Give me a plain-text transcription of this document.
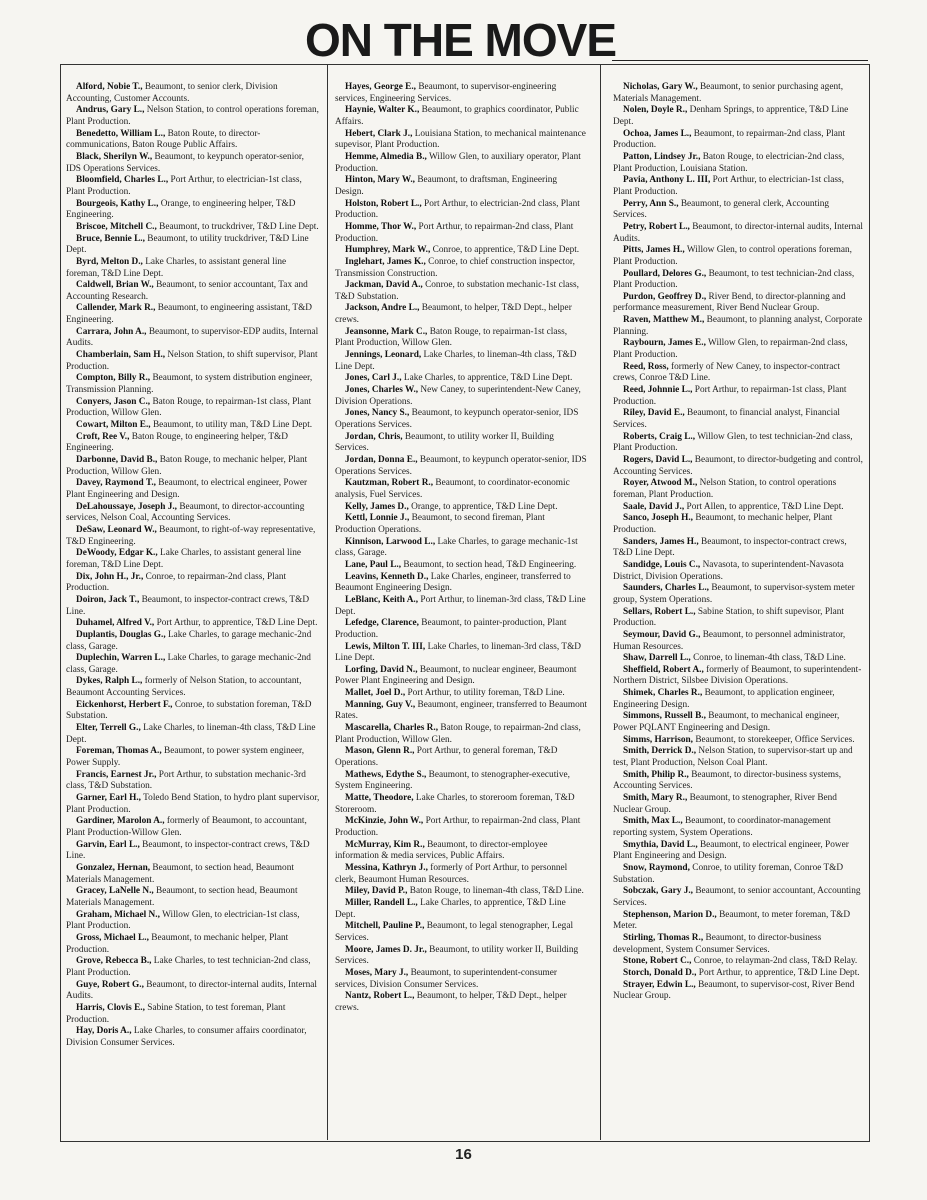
ON THE MOVE

Alford, Nobie T., Beaumont, to senior clerk, Division Accounting, Customer Accounts.

Andrus, Gary L., Nelson Station, to control operations foreman, Plant Production.

Benedetto, William L., Baton Route, to director-communications, Baton Rouge Public Affairs.

Black, Sherilyn W., Beaumont, to keypunch operator-senior, IDS Operations Services.

Bloomfield, Charles L., Port Arthur, to electrician-1st class, Plant Production.

Bourgeois, Kathy L., Orange, to engineering helper, T&D Engineering.

Briscoe, Mitchell C., Beaumont, to truckdriver, T&D Line Dept.

Bruce, Bennie L., Beaumont, to utility truckdriver, T&D Line Dept.

Byrd, Melton D., Lake Charles, to assistant general line foreman, T&D Line Dept.

Caldwell, Brian W., Beaumont, to senior accountant, Tax and Accounting Research.

Callender, Mark R., Beaumont, to engineering assistant, T&D Engineering.

Carrara, John A., Beaumont, to supervisor-EDP audits, Internal Audits.

Chamberlain, Sam H., Nelson Station, to shift supervisor, Plant Production.

Compton, Billy R., Beaumont, to system distribution engineer, Transmission Planning.

Conyers, Jason C., Baton Rouge, to repairman-1st class, Plant Production, Willow Glen.

Cowart, Milton E., Beaumont, to utility man, T&D Line Dept.

Croft, Ree V., Baton Rouge, to engineering helper, T&D Engineering.

Darbonne, David B., Baton Rouge, to mechanic helper, Plant Production, Willow Glen.

Davey, Raymond T., Beaumont, to electrical engineer, Power Plant Engineering and Design.

DeLahoussaye, Joseph J., Beaumont, to director-accounting services, Nelson Coal, Accounting Services.

DeSaw, Leonard W., Beaumont, to right-of-way representative, T&D Engineering.

DeWoody, Edgar K., Lake Charles, to assistant general line foreman, T&D Line Dept.

Dix, John H., Jr., Conroe, to repairman-2nd class, Plant Production.

Doiron, Jack T., Beaumont, to inspector-contract crews, T&D Line.

Duhamel, Alfred V., Port Arthur, to apprentice, T&D Line Dept.

Duplantis, Douglas G., Lake Charles, to garage mechanic-2nd class, Garage.

Duplechin, Warren L., Lake Charles, to garage mechanic-2nd class, Garage.

Dykes, Ralph L., formerly of Nelson Station, to accountant, Beaumont Accounting Services.

Eickenhorst, Herbert F., Conroe, to substation foreman, T&D Substation.

Elter, Terrell G., Lake Charles, to lineman-4th class, T&D Line Dept.

Foreman, Thomas A., Beaumont, to power system engineer, Power Supply.

Francis, Earnest Jr., Port Arthur, to substation mechanic-3rd class, T&D Substation.

Garner, Earl H., Toledo Bend Station, to hydro plant supervisor, Plant Production.

Gardiner, Marolon A., formerly of Beaumont, to accountant, Plant Production-Willow Glen.

Garvin, Earl L., Beaumont, to inspector-contract crews, T&D Line.

Gonzalez, Hernan, Beaumont, to section head, Beaumont Materials Management.

Gracey, LaNelle N., Beaumont, to section head, Beaumont Materials Management.

Graham, Michael N., Willow Glen, to electrician-1st class, Plant Production.

Gross, Michael L., Beaumont, to mechanic helper, Plant Production.

Grove, Rebecca B., Lake Charles, to test technician-2nd class, Plant Production.

Guye, Robert G., Beaumont, to director-internal audits, Internal Audits.

Harris, Clovis E., Sabine Station, to test foreman, Plant Production.

Hay, Doris A., Lake Charles, to consumer affairs coordinator, Division Consumer Services.

Hayes, George E., Beaumont, to supervisor-engineering services, Engineering Services.

Haynie, Walter K., Beaumont, to graphics coordinator, Public Affairs.

Hebert, Clark J., Louisiana Station, to mechanical maintenance supevisor, Plant Production.

Hemme, Almedia B., Willow Glen, to auxiliary operator, Plant Production.

Hinton, Mary W., Beaumont, to draftsman, Engineering Design.

Holston, Robert L., Port Arthur, to electrician-2nd class, Plant Production.

Homme, Thor W., Port Arthur, to repairman-2nd class, Plant Production.

Humphrey, Mark W., Conroe, to apprentice, T&D Line Dept.

Inglehart, James K., Conroe, to chief construction inspector, Transmission Construction.

Jackman, David A., Conroe, to substation mechanic-1st class, T&D Substation.

Jackson, Andre L., Beaumont, to helper, T&D Dept., helper crews.

Jeansonne, Mark C., Baton Rouge, to repairman-1st class, Plant Production, Willow Glen.

Jennings, Leonard, Lake Charles, to lineman-4th class, T&D Line Dept.

Jones, Carl J., Lake Charles, to apprentice, T&D Line Dept.

Jones, Charles W., New Caney, to superintendent-New Caney, Division Operations.

Jones, Nancy S., Beaumont, to keypunch operator-senior, IDS Operations Services.

Jordan, Chris, Beaumont, to utility worker II, Building Services.

Jordan, Donna E., Beaumont, to keypunch operator-senior, IDS Operations Services.

Kautzman, Robert R., Beaumont, to coordinator-economic analysis, Fuel Services.

Kelly, James D., Orange, to apprentice, T&D Line Dept.

Kettl, Lonnie J., Beaumont, to second fireman, Plant Production Operations.

Kinnison, Larwood L., Lake Charles, to garage mechanic-1st class, Garage.

Lane, Paul L., Beaumont, to section head, T&D Engineering.

Leavins, Kenneth D., Lake Charles, engineer, transferred to Beaumont Engineering Design.

LeBlanc, Keith A., Port Arthur, to lineman-3rd class, T&D Line Dept.

Lefedge, Clarence, Beaumont, to painter-production, Plant Production.

Lewis, Milton T. III, Lake Charles, to lineman-3rd class, T&D Line Dept.

Lorfing, David N., Beaumont, to nuclear engineer, Beaumont Power Plant Engineering and Design.

Mallet, Joel D., Port Arthur, to utility foreman, T&D Line.

Manning, Guy V., Beaumont, engineer, transferred to Beaumont Rates.

Mascarella, Charles R., Baton Rouge, to repairman-2nd class, Plant Production, Willow Glen.

Mason, Glenn R., Port Arthur, to general foreman, T&D Operations.

Mathews, Edythe S., Beaumont, to stenographer-executive, System Engineering.

Matte, Theodore, Lake Charles, to storeroom foreman, T&D Storeroom.

McKinzie, John W., Port Arthur, to repairman-2nd class, Plant Production.

McMurray, Kim R., Beaumont, to director-employee information & media services, Public Affairs.

Messina, Kathryn J., formerly of Port Arthur, to personnel clerk, Beaumont Human Resources.

Miley, David P., Baton Rouge, to lineman-4th class, T&D Line.

Miller, Randell L., Lake Charles, to apprentice, T&D Line Dept.

Mitchell, Pauline P., Beaumont, to legal stenographer, Legal Services.

Moore, James D. Jr., Beaumont, to utility worker II, Building Services.

Moses, Mary J., Beaumont, to superintendent-consumer services, Division Consumer Services.

Nantz, Robert L., Beaumont, to helper, T&D Dept., helper crews.

Nicholas, Gary W., Beaumont, to senior purchasing agent, Materials Management.

Nolen, Doyle R., Denham Springs, to apprentice, T&D Line Dept.

Ochoa, James L., Beaumont, to repairman-2nd class, Plant Production.

Patton, Lindsey Jr., Baton Rouge, to electrician-2nd class, Plant Production, Louisiana Station.

Pavia, Anthony L. III, Port Arthur, to electrician-1st class, Plant Production.

Perry, Ann S., Beaumont, to general clerk, Accounting Services.

Petry, Robert L., Beaumont, to director-internal audits, Internal Audits.

Pitts, James H., Willow Glen, to control operations foreman, Plant Production.

Poullard, Delores G., Beaumont, to test technician-2nd class, Plant Production.

Purdon, Geoffrey D., River Bend, to director-planning and performance measurement, River Bend Nuclear Group.

Raven, Matthew M., Beaumont, to planning analyst, Corporate Planning.

Raybourn, James E., Willow Glen, to repairman-2nd class, Plant Production.

Reed, Ross, formerly of New Caney, to inspector-contract crews, Conroe T&D Line.

Reed, Johnnie L., Port Arthur, to repairman-1st class, Plant Production.

Riley, David E., Beaumont, to financial analyst, Financial Services.

Roberts, Craig L., Willow Glen, to test technician-2nd class, Plant Production.

Rogers, David L., Beaumont, to director-budgeting and control, Accounting Services.

Royer, Atwood M., Nelson Station, to control operations foreman, Plant Production.

Saale, David J., Port Allen, to apprentice, T&D Line Dept.

Sanco, Joseph H., Beaumont, to mechanic helper, Plant Production.

Sanders, James H., Beaumont, to inspector-contract crews, T&D Line Dept.

Sandidge, Louis C., Navasota, to superintendent-Navasota District, Division Operations.

Saunders, Charles L., Beaumont, to supervisor-system meter group, System Operations.

Sellars, Robert L., Sabine Station, to shift supevisor, Plant Production.

Seymour, David G., Beaumont, to personnel administrator, Human Resources.

Shaw, Darrell L., Conroe, to lineman-4th class, T&D Line.

Sheffield, Robert A., formerly of Beaumont, to superintendent-Northern District, Silsbee Division Operations.

Shimek, Charles R., Beaumont, to application engineer, Engineering Design.

Simmons, Russell B., Beaumont, to mechanical engineer, Power PQLANT Engineering and Design.

Simms, Harrison, Beaumont, to storekeeper, Office Services.

Smith, Derrick D., Nelson Station, to supervisor-start up and test, Plant Production, Nelson Coal Plant.

Smith, Philip R., Beaumont, to director-business systems, Accounting Services.

Smith, Mary R., Beaumont, to stenographer, River Bend Nuclear Group.

Smith, Max L., Beaumont, to coordinator-management reporting system, System Operations.

Smythia, David L., Beaumont, to electrical engineer, Power Plant Engineering and Design.

Snow, Raymond, Conroe, to utility foreman, Conroe T&D Substation.

Sobczak, Gary J., Beaumont, to senior accountant, Accounting Services.

Stephenson, Marion D., Beaumont, to meter foreman, T&D Meter.

Stirling, Thomas R., Beaumont, to director-business development, System Consumer Services.

Stone, Robert C., Conroe, to relayman-2nd class, T&D Relay.

Storch, Donald D., Port Arthur, to apprentice, T&D Line Dept.

Strayer, Edwin L., Beaumont, to supervisor-cost, River Bend Nuclear Group.

16
